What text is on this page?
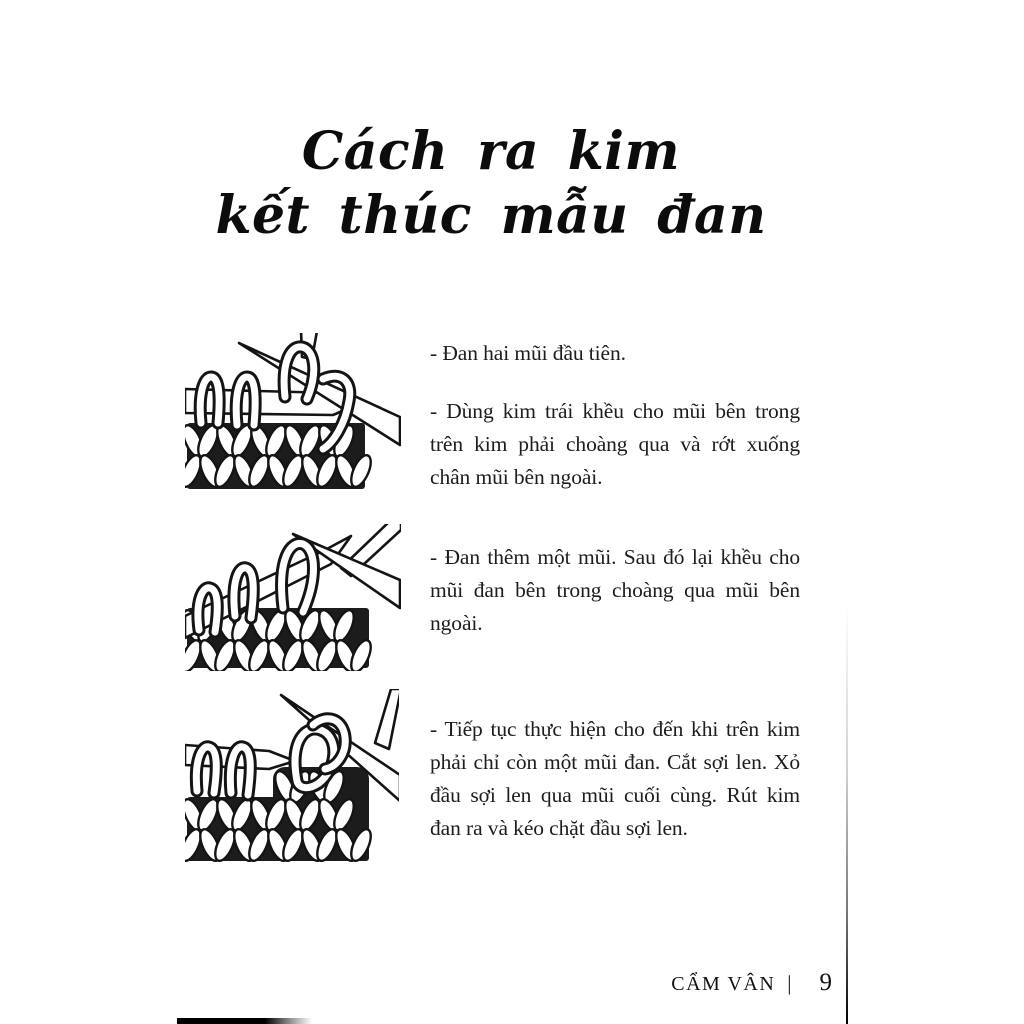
Cách ra kim
kết thúc mẫu đan

- Đan hai mũi đầu tiên.

- Dùng kim trái khều cho mũi bên trong trên kim phải choàng qua và rớt xuống chân mũi bên ngoài.

- Đan thêm một mũi. Sau đó lại khều cho mũi đan bên trong choàng qua mũi bên ngoài.

- Tiếp tục thực hiện cho đến khi trên kim phải chỉ còn một mũi đan. Cắt sợi len. Xỏ đầu sợi len qua mũi cuối cùng. Rút kim đan ra và kéo chặt đầu sợi len.

CẨM VÂN | 9
